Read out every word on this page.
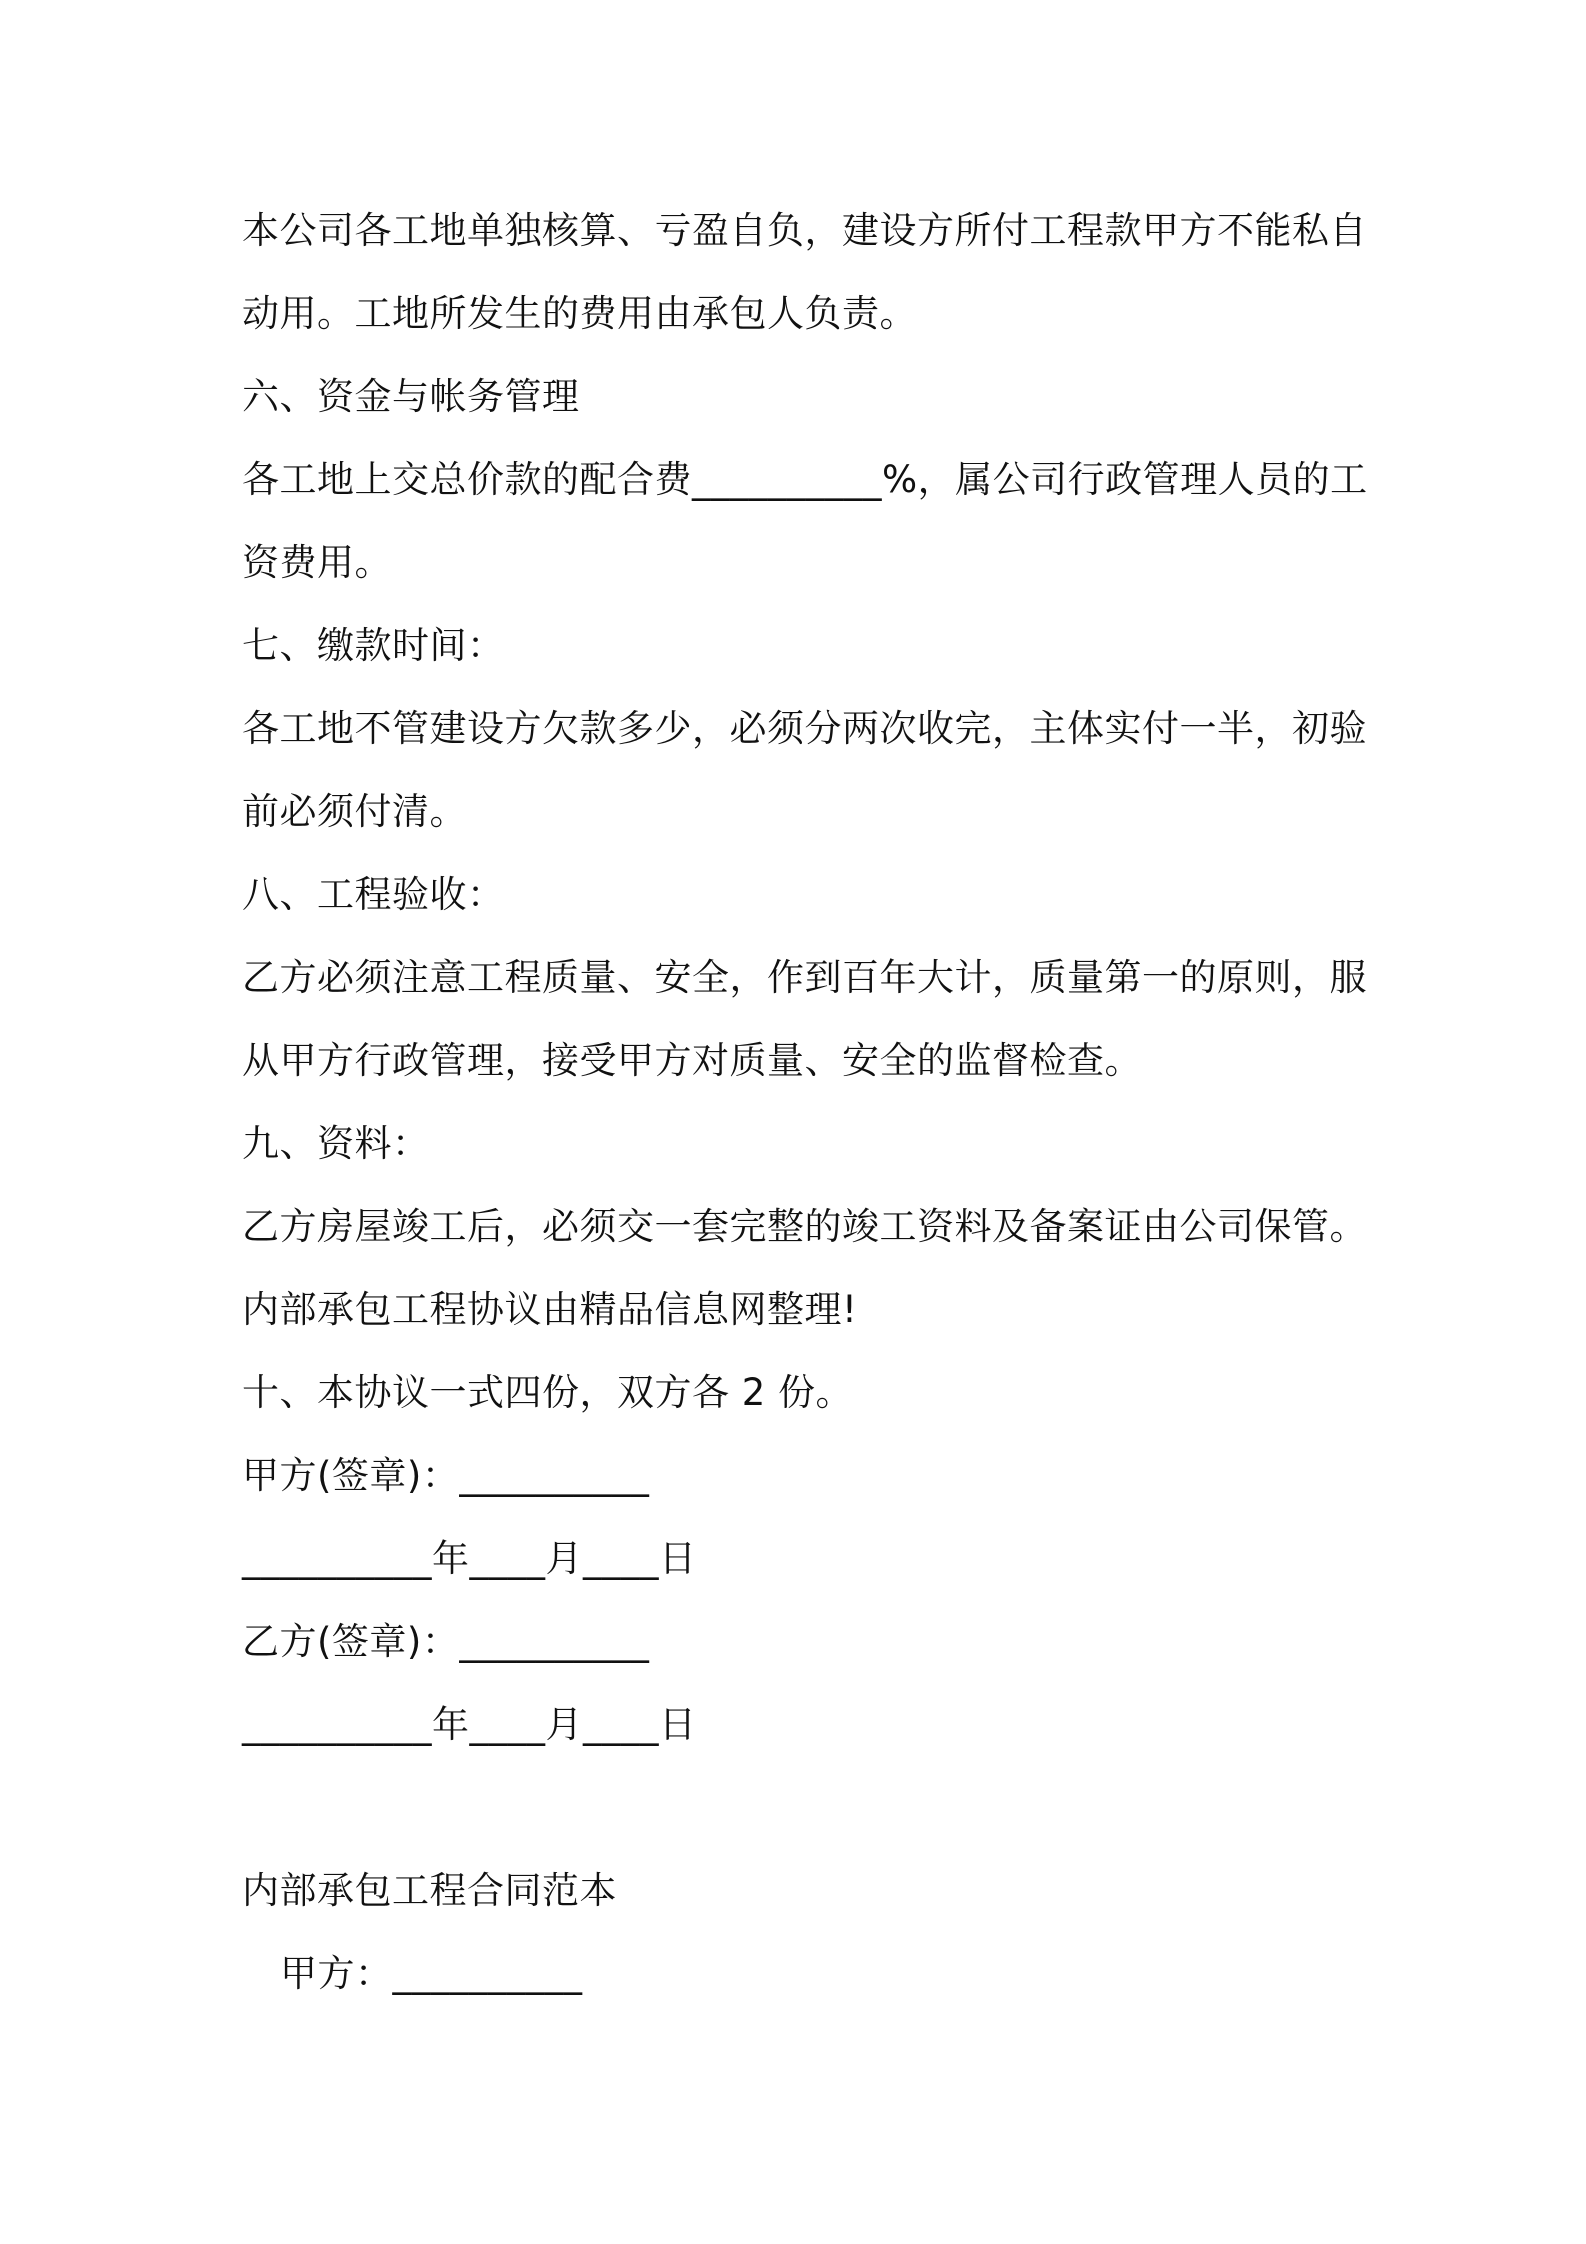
本公司各工地单独核算、亏盈自负，建设方所付工程款甲方不能私自

动用。工地所发生的费用由承包人负责。

六、资金与帐务管理

各工地上交总价款的配合费__________%，属公司行政管理人员的工

资费用。

七、缴款时间：

各工地不管建设方欠款多少，必须分两次收完，主体实付一半，初验

前必须付清。

八、工程验收：

乙方必须注意工程质量、安全，作到百年大计，质量第一的原则，服

从甲方行政管理，接受甲方对质量、安全的监督检查。

九、资料：

乙方房屋竣工后，必须交一套完整的竣工资料及备案证由公司保管。

内部承包工程协议由精品信息网整理!

十、本协议一式四份，双方各 2 份。

甲方(签章)：__________

__________年____月____日

乙方(签章)：__________

__________年____月____日

内部承包工程合同范本

甲方：__________
